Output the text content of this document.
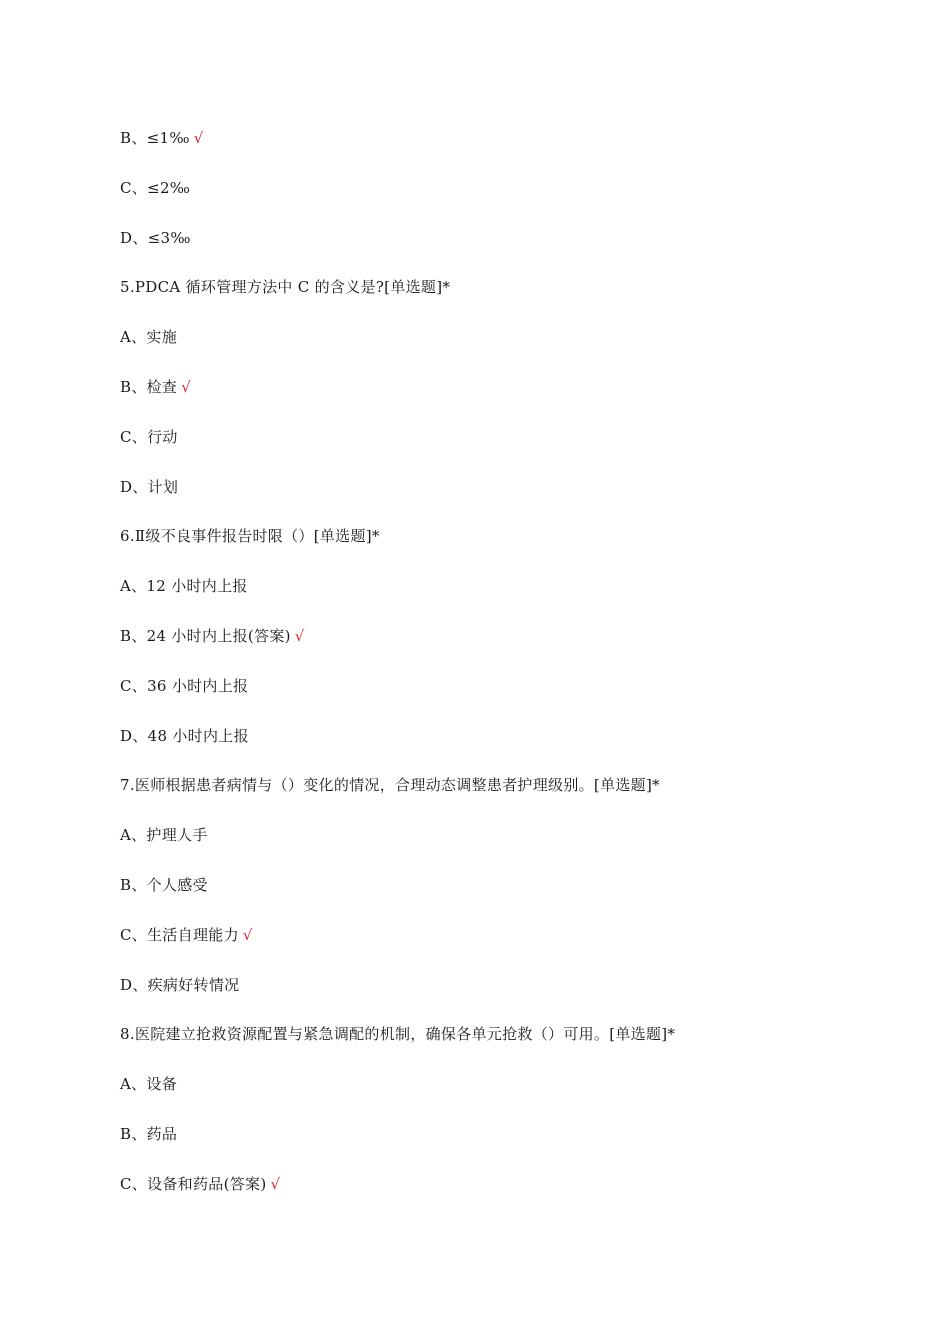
B、≤1‰ √
C、≤2‰
D、≤3‰
5.PDCA 循环管理方法中 C 的含义是?[单选题]*
A、实施
B、检查 √
C、行动
D、计划
6.Ⅱ级不良事件报告时限（）[单选题]*
A、12 小时内上报
B、24 小时内上报(答案) √
C、36 小时内上报
D、48 小时内上报
7.医师根据患者病情与（）变化的情况，合理动态调整患者护理级别。[单选题]*
A、护理人手
B、个人感受
C、生活自理能力 √
D、疾病好转情况
8.医院建立抢救资源配置与紧急调配的机制，确保各单元抢救（）可用。[单选题]*
A、设备
B、药品
C、设备和药品(答案) √
